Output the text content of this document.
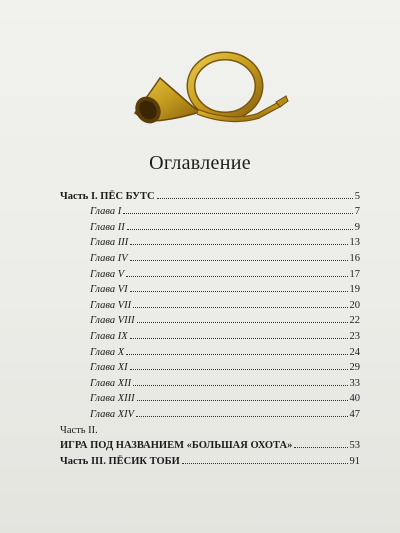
Оглавление
Часть I. ПЁС БУТС	5
Глава I	7
Глава II	9
Глава III	13
Глава IV	16
Глава V	17
Глава VI	19
Глава VII	20
Глава VIII	22
Глава IX	23
Глава X	24
Глава XI	29
Глава XII	33
Глава XIII	40
Глава XIV	47
Часть II.
ИГРА ПОД НАЗВАНИЕМ «БОЛЬШАЯ ОХОТА»	53
Часть III. ПЁСИК ТОБИ	91
